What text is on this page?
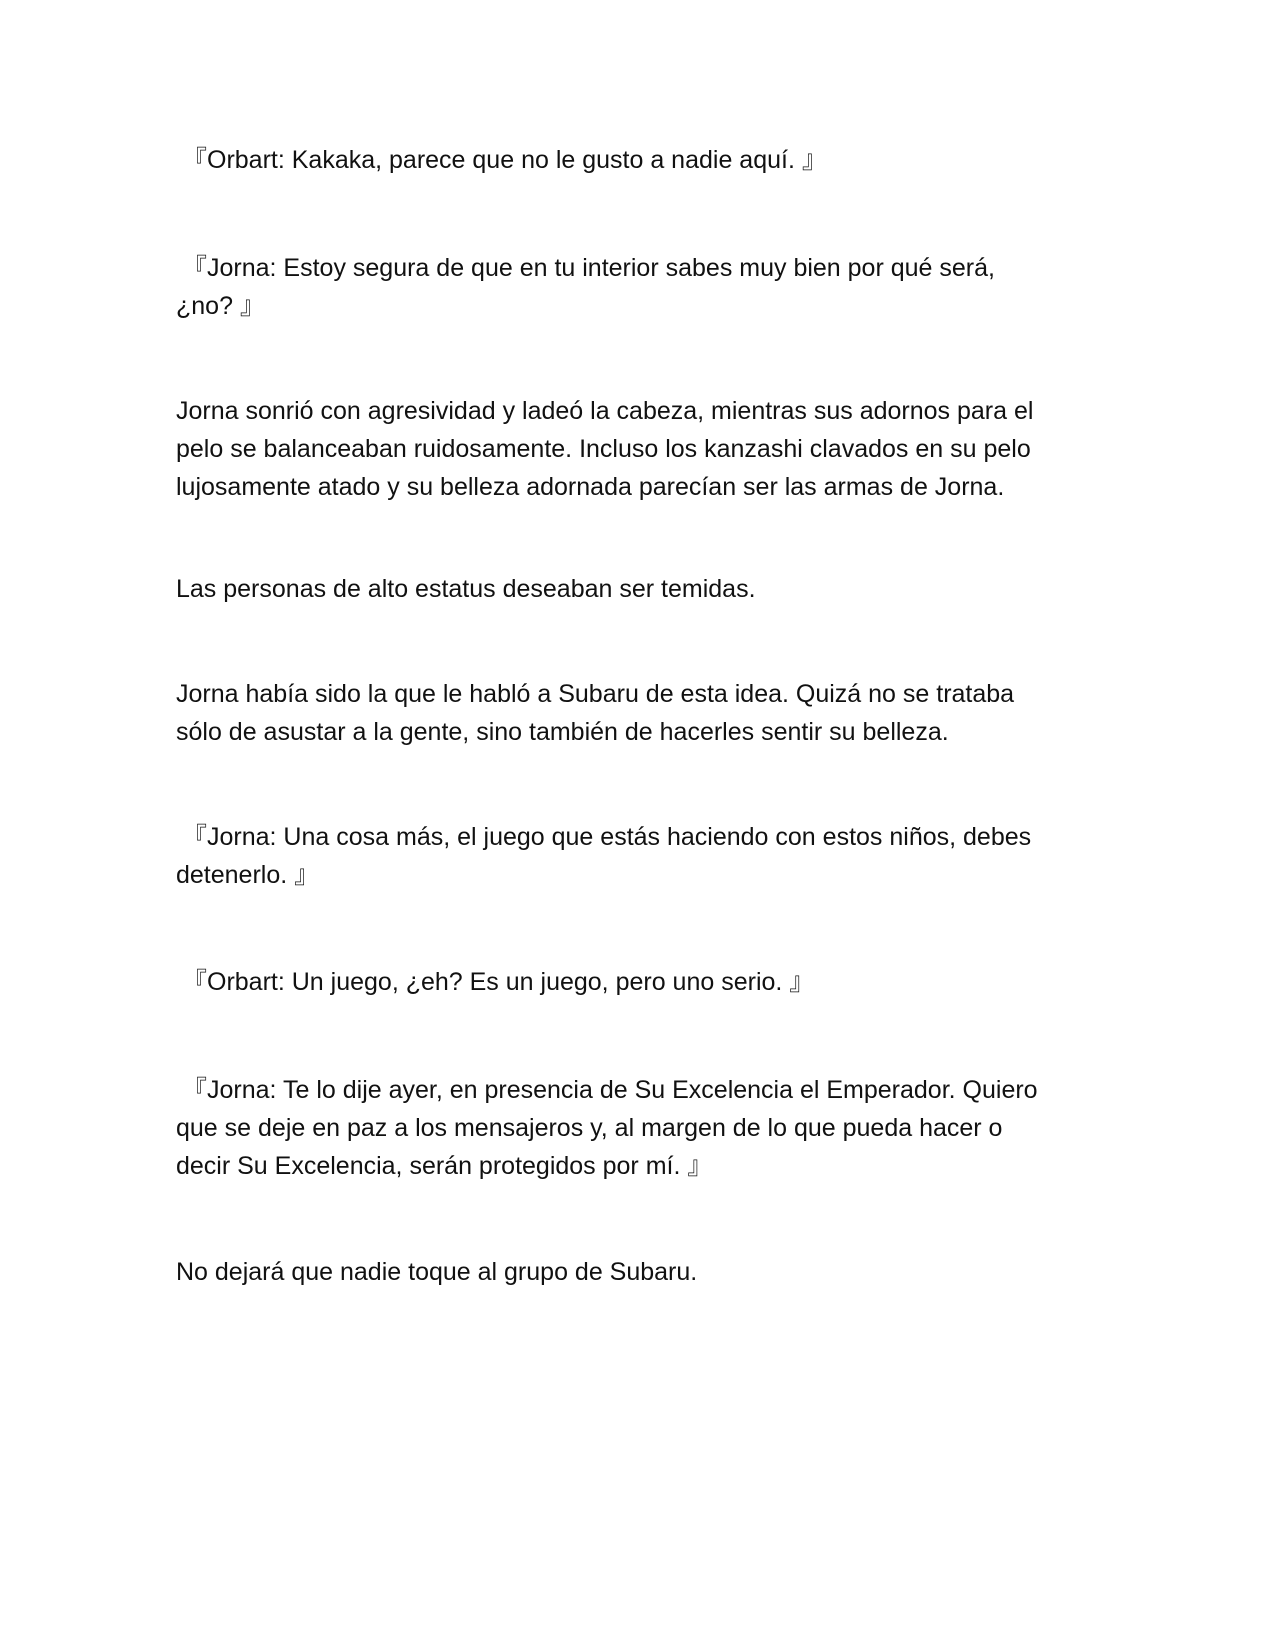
『Orbart: Kakaka, parece que no le gusto a nadie aquí. 』

『Jorna: Estoy segura de que en tu interior sabes muy bien por qué será,
¿no? 』

Jorna sonrió con agresividad y ladeó la cabeza, mientras sus adornos para el
pelo se balanceaban ruidosamente. Incluso los kanzashi clavados en su pelo
lujosamente atado y su belleza adornada parecían ser las armas de Jorna.

Las personas de alto estatus deseaban ser temidas.

Jorna había sido la que le habló a Subaru de esta idea. Quizá no se trataba
sólo de asustar a la gente, sino también de hacerles sentir su belleza.

『Jorna: Una cosa más, el juego que estás haciendo con estos niños, debes
detenerlo. 』

『Orbart: Un juego, ¿eh? Es un juego, pero uno serio. 』

『Jorna: Te lo dije ayer, en presencia de Su Excelencia el Emperador. Quiero
que se deje en paz a los mensajeros y, al margen de lo que pueda hacer o
decir Su Excelencia, serán protegidos por mí. 』

No dejará que nadie toque al grupo de Subaru.
